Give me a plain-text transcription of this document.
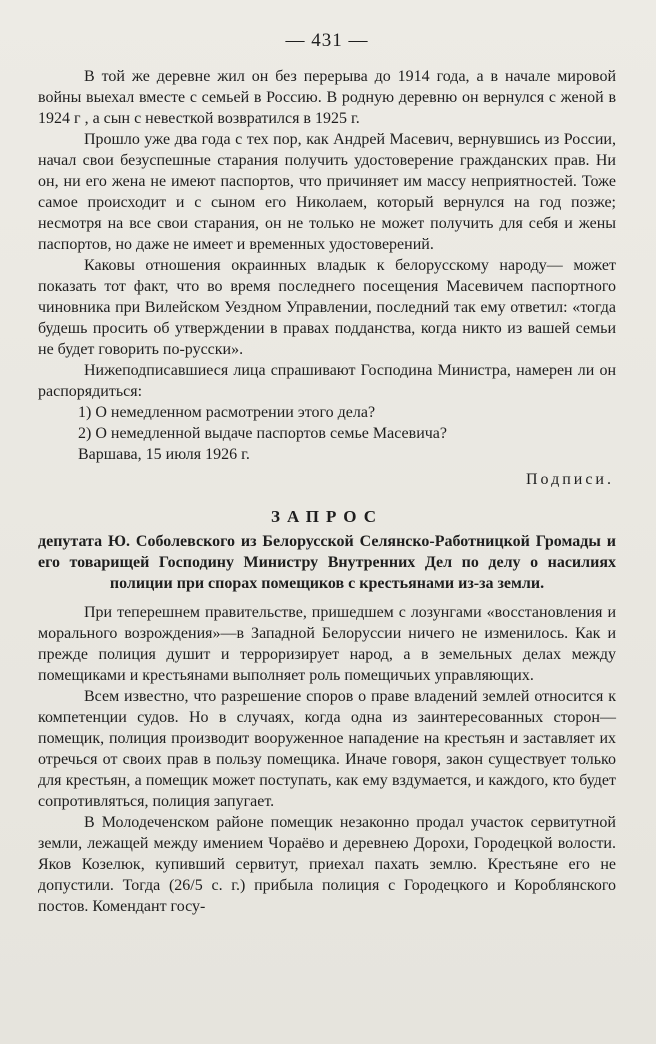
— 431 —

В той же деревне жил он без перерыва до 1914 года, а в начале мировой войны выехал вместе с семьей в Россию. В родную деревню он вернулся с женой в 1924 г , а сын с невесткой возвратился в 1925 г.

Прошло уже два года с тех пор, как Андрей Масевич, вернувшись из России, начал свои безуспешные старания получить удостоверение гражданских прав. Ни он, ни его жена не имеют паспортов, что причиняет им массу неприятностей. Тоже самое происходит и с сыном его Николаем, который вернулся на год позже; несмотря на все свои старания, он не только не может получить для себя и жены паспортов, но даже не имеет и временных удостоверений.

Каковы отношения окраинных владык к белорусскому народу— может показать тот факт, что во время последнего посещения Масевичем паспортного чиновника при Вилейском Уездном Управлении, последний так ему ответил: «тогда будешь просить об утверждении в правах подданства, когда никто из вашей семьи не будет говорить по-русски».

Нижеподписавшиеся лица спрашивают Господина Министра, намерен ли он распорядиться:

1) О немедленном расмотрении этого дела?

2) О немедленной выдаче паспортов семье Масевича?

Варшава, 15 июля 1926 г.

Подписи.
ЗАПРОС
депутата Ю. Соболевского из Белорусской Селянско-Работницкой Громады и его товарищей Господину Министру Внутренних Дел по делу о насилиях полиции при спорах помещиков с крестьянами из-за земли.

При теперешнем правительстве, пришедшем с лозунгами «восстановления и морального возрождения»—в Западной Белоруссии ничего не изменилось. Как и прежде полиция душит и терроризирует народ, а в земельных делах между помещиками и крестьянами выполняет роль помещичьих управляющих.

Всем известно, что разрешение споров о праве владений землей относится к компетенции судов. Но в случаях, когда одна из заинтересованных сторон—помещик, полиция производит вооруженное нападение на крестьян и заставляет их отречься от своих прав в пользу помещика. Иначе говоря, закон существует только для крестьян, а помещик может поступать, как ему вздумается, и каждого, кто будет сопротивляться, полиция запугает.

В Молодеченском районе помещик незаконно продал участок сервитутной земли, лежащей между имением Чораёво и деревнею Дорохи, Городецкой волости. Яков Козелюк, купивший сервитут, приехал пахать землю. Крестьяне его не допустили. Тогда (26/5 с. г.) прибыла полиция с Городецкого и Короблянского постов. Комендант госу-
